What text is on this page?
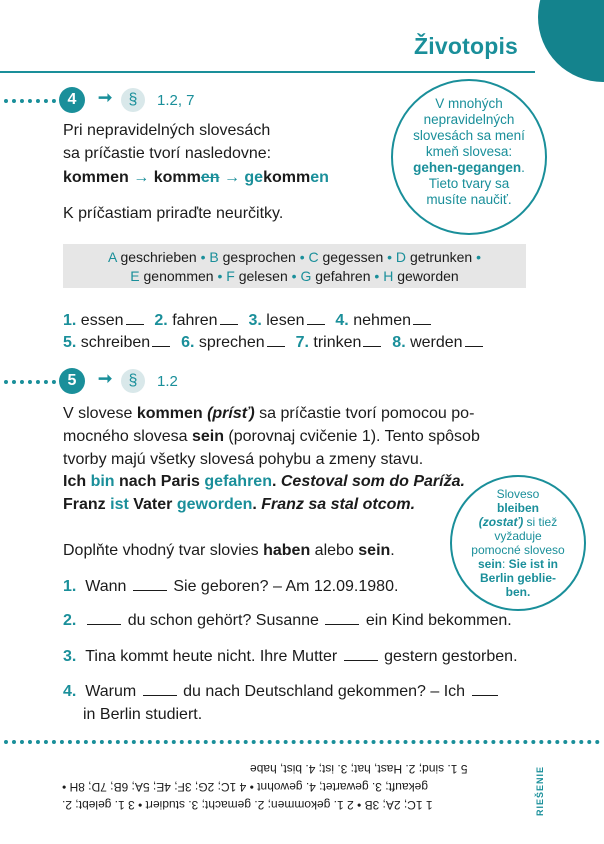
Životopis
4	➞	§	1.2, 7
Pri nepravidelných slovesách
sa príčastie tvorí nasledovne:
kommen → kommen → gekommen
K príčastiam priraďte neurčitky.
V mnohých
nepravidelných
slovesách sa mení
kmeň slovesa:
gehen-gegangen.
Tieto tvary sa
musíte naučiť.
A geschrieben • B gesprochen • C gegessen • D getrunken •
E genommen • F gelesen • G gefahren • H geworden
1. essen 2. fahren 3. lesen 4. nehmen
5. schreiben 6. sprechen 7. trinken 8. werden
5	➞	§	1.2
V slovese kommen (prísť) sa príčastie tvorí pomocou po-
mocného slovesa sein (porovnaj cvičenie 1). Tento spôsob
tvorby majú všetky slovesá pohybu a zmeny stavu.
Ich bin nach Paris gefahren. Cestoval som do Paríža.
Franz ist Vater geworden. Franz sa stal otcom.
Doplňte vhodný tvar slovies haben alebo sein.
Sloveso
bleiben
(zostať) si tiež
vyžaduje
pomocné sloveso
sein: Sie ist in
Berlin geblie-
ben.
1. Wann	Sie geboren? – Am 12.09.1980.
2.	du schon gehört? Susanne	ein Kind bekommen.
3. Tina kommt heute nicht. Ihre Mutter	gestern gestorben.
4. Warum	du nach Deutschland gekommen? – Ich
in Berlin studiert.
RIEŠENIE
1 1C; 2A; 3B • 2 1. gekommen; 2. gemacht; 3. studiert • 3 1. gelebt; 2.
gekauft; 3. gewartet; 4. gewohnt • 4 1C; 2G; 3F; 4E; 5A; 6B; 7D; 8H •
5 1. sind; 2. Hast, hat; 3. ist; 4. bist, habe
